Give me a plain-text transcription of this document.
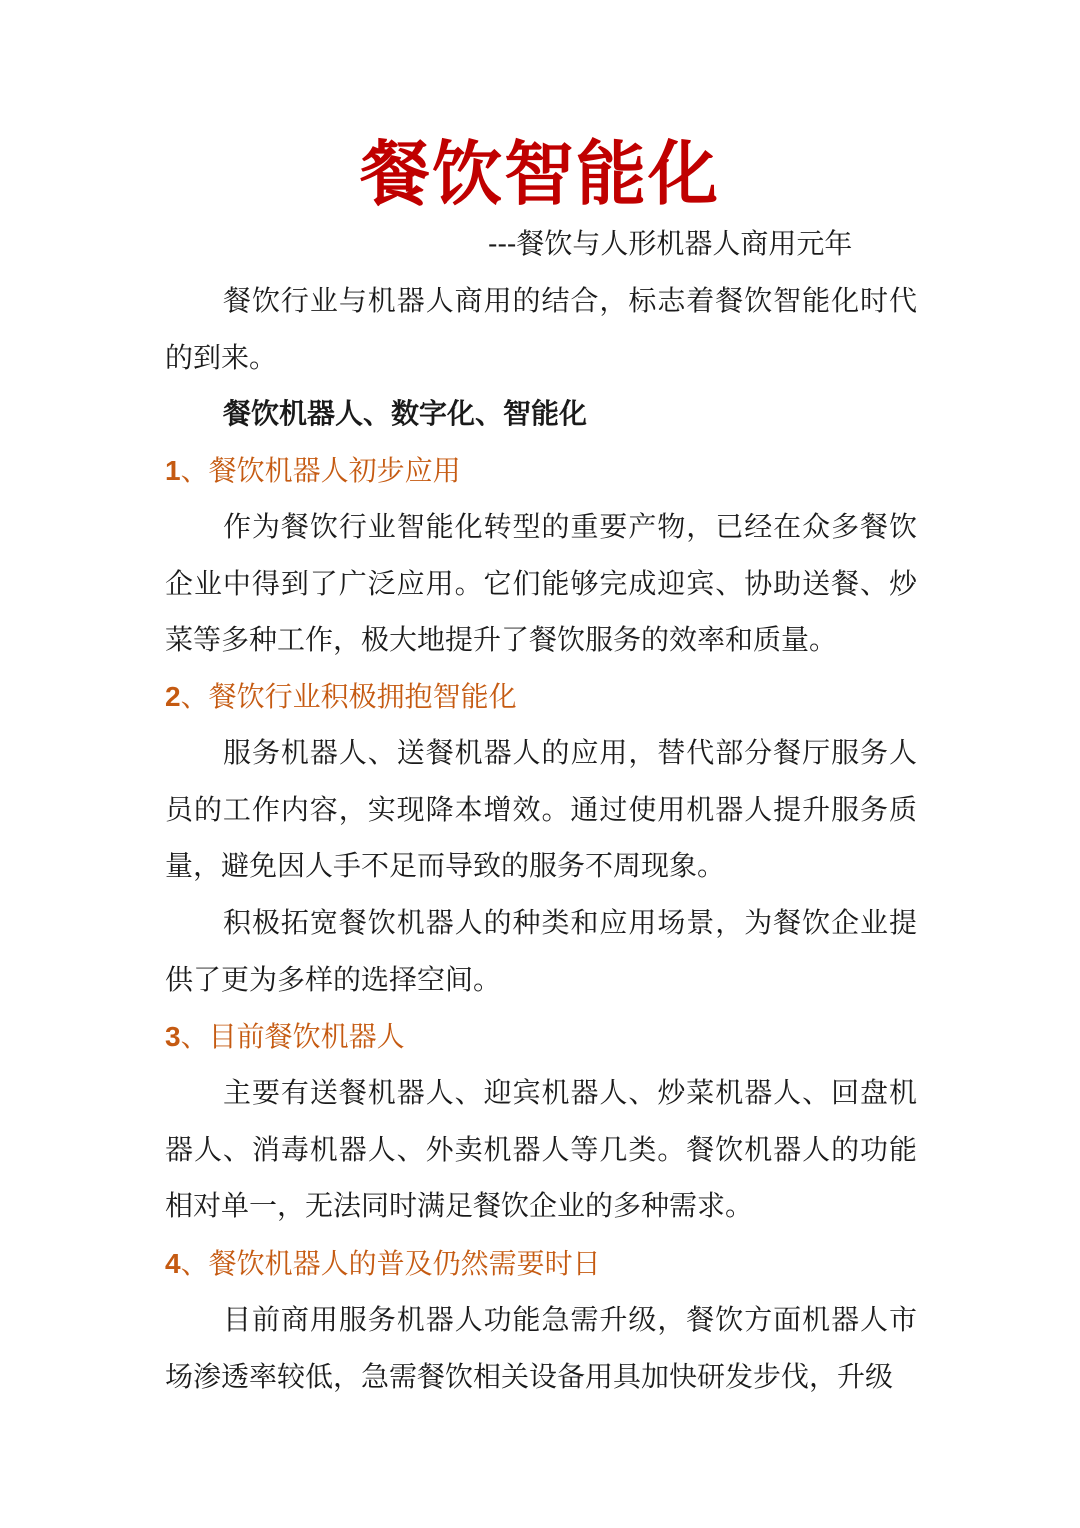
餐饮智能化
---餐饮与人形机器人商用元年

餐饮行业与机器人商用的结合，标志着餐饮智能化时代的到来。

餐饮机器人、数字化、智能化
1、餐饮机器人初步应用

作为餐饮行业智能化转型的重要产物，已经在众多餐饮企业中得到了广泛应用。它们能够完成迎宾、协助送餐、炒菜等多种工作，极大地提升了餐饮服务的效率和质量。

2、餐饮行业积极拥抱智能化

服务机器人、送餐机器人的应用，替代部分餐厅服务人员的工作内容，实现降本增效。通过使用机器人提升服务质量，避免因人手不足而导致的服务不周现象。

积极拓宽餐饮机器人的种类和应用场景，为餐饮企业提供了更为多样的选择空间。

3、目前餐饮机器人

主要有送餐机器人、迎宾机器人、炒菜机器人、回盘机器人、消毒机器人、外卖机器人等几类。餐饮机器人的功能相对单一，无法同时满足餐饮企业的多种需求。

4、餐饮机器人的普及仍然需要时日

目前商用服务机器人功能急需升级，餐饮方面机器人市场渗透率较低，急需餐饮相关设备用具加快研发步伐，升级
